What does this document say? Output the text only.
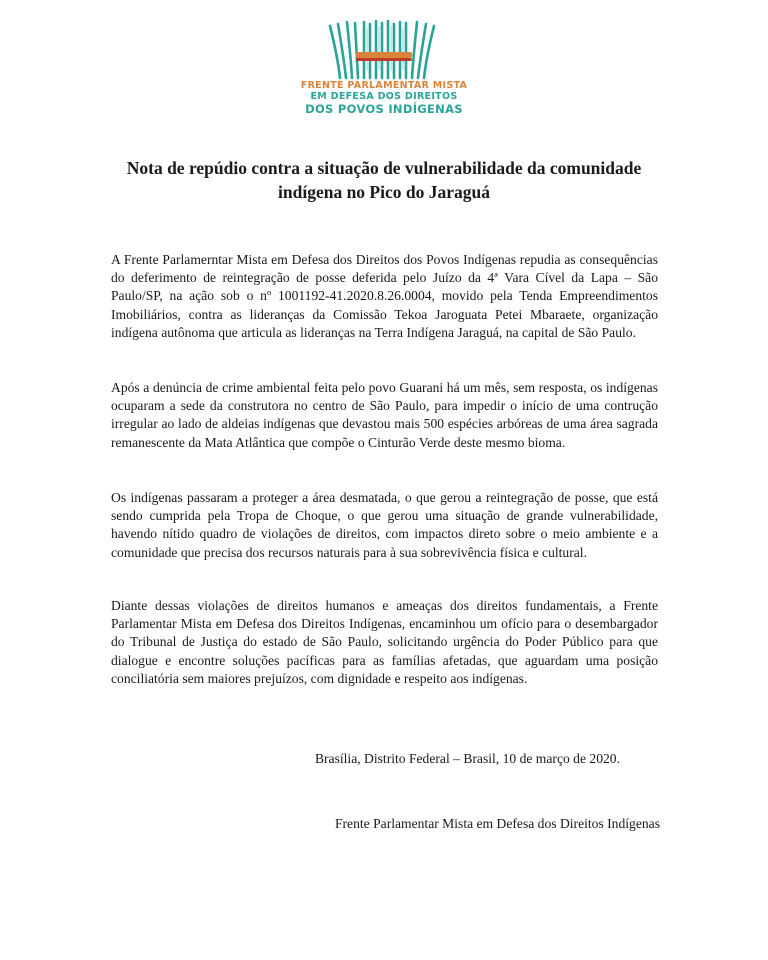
FRENTE PARLAMENTAR MISTA
EM DEFESA DOS DIREITOS
DOS POVOS INDÍGENAS
Nota de repúdio contra a situação de vulnerabilidade da comunidade
indígena no Pico do Jaraguá

A Frente Parlamerntar Mista em Defesa dos Direitos dos Povos Indígenas repudia as consequências do deferimento de reintegração de posse deferida pelo Juízo da 4ª Vara Cível da Lapa – São Paulo/SP, na ação sob o nº 1001192-41.2020.8.26.0004, movido pela Tenda Empreendimentos Imobiliários, contra as lideranças da Comissão Tekoa Jaroguata Petei Mbaraete, organização indígena autônoma que articula as lideranças na Terra Indígena Jaraguá, na capital de São Paulo.

Após a denúncia de crime ambiental feita pelo povo Guarani há um mês, sem resposta, os indígenas ocuparam a sede da construtora no centro de São Paulo, para impedir o início de uma contrução irregular ao lado de aldeias indígenas que devastou mais 500 espécies arbóreas de uma área sagrada remanescente da Mata Atlântica que compõe o Cinturão Verde deste mesmo bioma.

Os indígenas passaram a proteger a área desmatada, o que gerou a reintegração de posse, que está sendo cumprida pela Tropa de Choque, o que gerou uma situação de grande vulnerabilidade, havendo nítido quadro de violações de direitos, com impactos direto sobre o meio ambiente e a comunidade que precisa dos recursos naturais para à sua sobrevivência física e cultural.

Diante dessas violações de direitos humanos e ameaças dos direitos fundamentais, a Frente Parlamentar Mista em Defesa dos Direitos Indígenas, encaminhou um ofício para o desembargador do Tribunal de Justiça do estado de São Paulo, solicitando urgência do Poder Público para que dialogue e encontre soluções pacíficas para as famílias afetadas, que aguardam uma posição conciliatória sem maiores prejuízos, com dignidade e respeito aos indígenas.

Brasília, Distrito Federal – Brasil, 10 de março de 2020.
Frente Parlamentar Mista em Defesa dos Direitos Indígenas
